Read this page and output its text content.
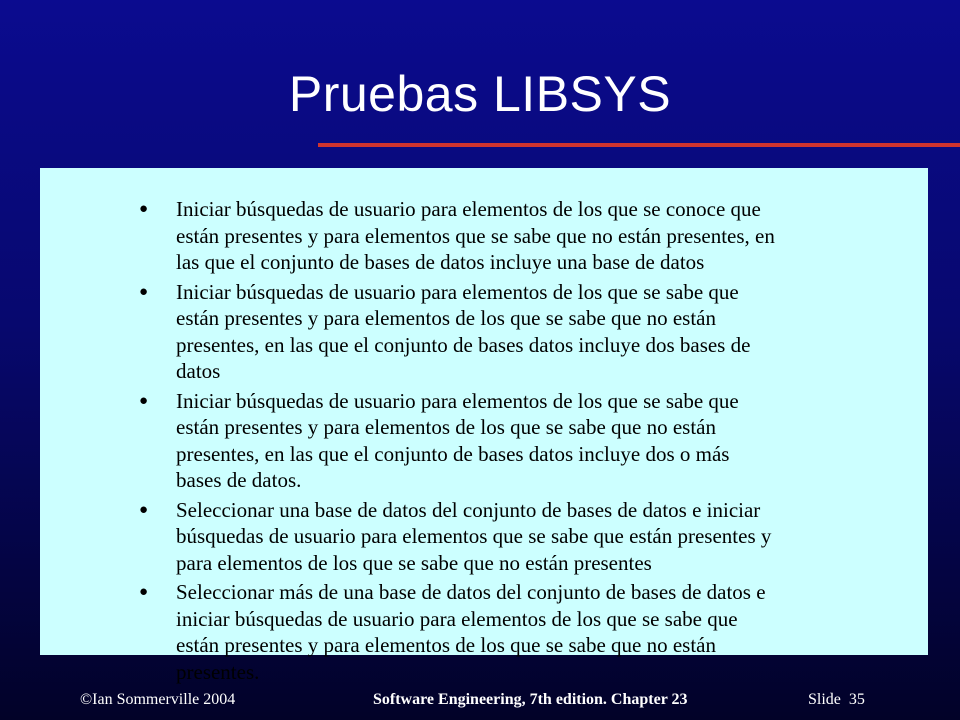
Pruebas LIBSYS
● Iniciar búsquedas de usuario para elementos de los que se conoce que están presentes y para elementos que se sabe que no están presentes, en las que el conjunto de bases de datos incluye una base de datos
● Iniciar búsquedas de usuario para elementos de los que se sabe que están presentes y para elementos de los que se sabe que no están presentes, en las que el conjunto de bases datos incluye dos bases de datos
● Iniciar búsquedas de usuario para elementos de los que se sabe que están presentes y para elementos de los que se sabe que no están presentes, en las que el conjunto de bases datos incluye dos o más bases de datos.
● Seleccionar una base de datos del conjunto de bases de datos e iniciar búsquedas de usuario para elementos que se sabe que están presentes y para elementos de los que se sabe que no están presentes
● Seleccionar más de una base de datos del conjunto de bases de datos e iniciar búsquedas de usuario para elementos de los que se sabe que están presentes y para elementos de los que se sabe que no están presentes.
©Ian Sommerville 2004	Software Engineering, 7th edition. Chapter 23	Slide 35
